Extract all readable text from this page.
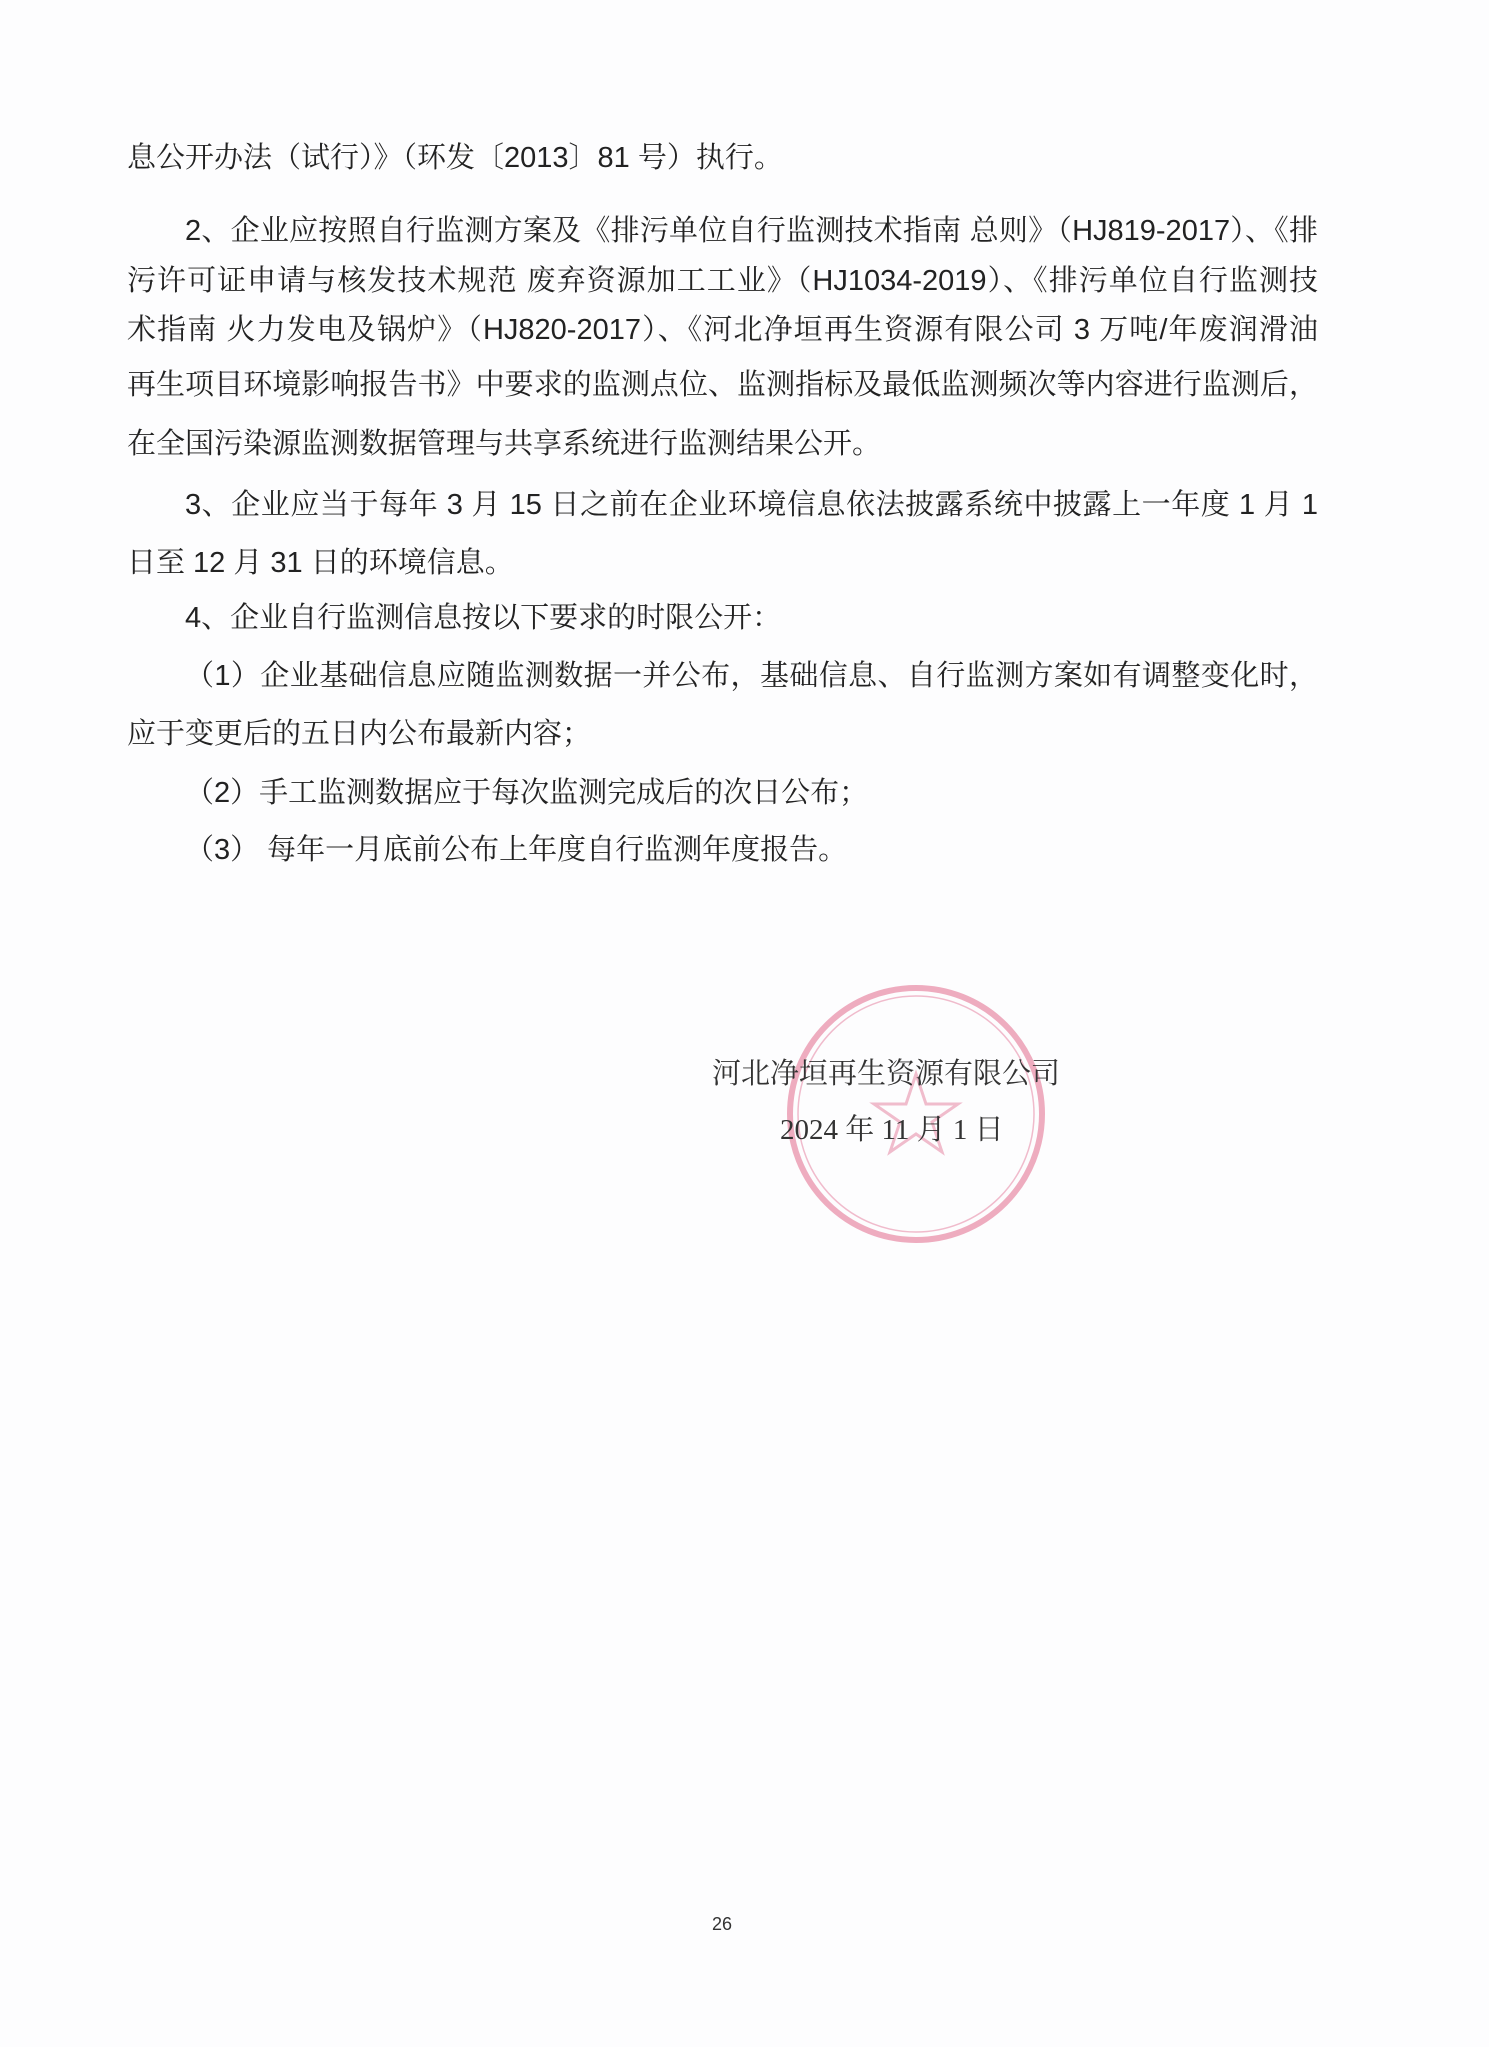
息公开办法（试行）》（环发〔2013〕81 号）执行。
2、企业应按照自行监测方案及《排污单位自行监测技术指南 总则》（HJ819-2017）、《排
污许可证申请与核发技术规范 废弃资源加工工业》（HJ1034-2019）、《排污单位自行监测技
术指南 火力发电及锅炉》（HJ820-2017）、《河北净垣再生资源有限公司 3 万吨/年废润滑油
再生项目环境影响报告书》中要求的监测点位、监测指标及最低监测频次等内容进行监测后，
在全国污染源监测数据管理与共享系统进行监测结果公开。
3、企业应当于每年 3 月 15 日之前在企业环境信息依法披露系统中披露上一年度 1 月 1
日至 12 月 31 日的环境信息。
4、企业自行监测信息按以下要求的时限公开：
（1）企业基础信息应随监测数据一并公布，基础信息、自行监测方案如有调整变化时，
应于变更后的五日内公布最新内容；
（2）手工监测数据应于每次监测完成后的次日公布；
（3） 每年一月底前公布上年度自行监测年度报告。
河北净垣再生资源有限公司
2024 年 11 月 1 日
26
